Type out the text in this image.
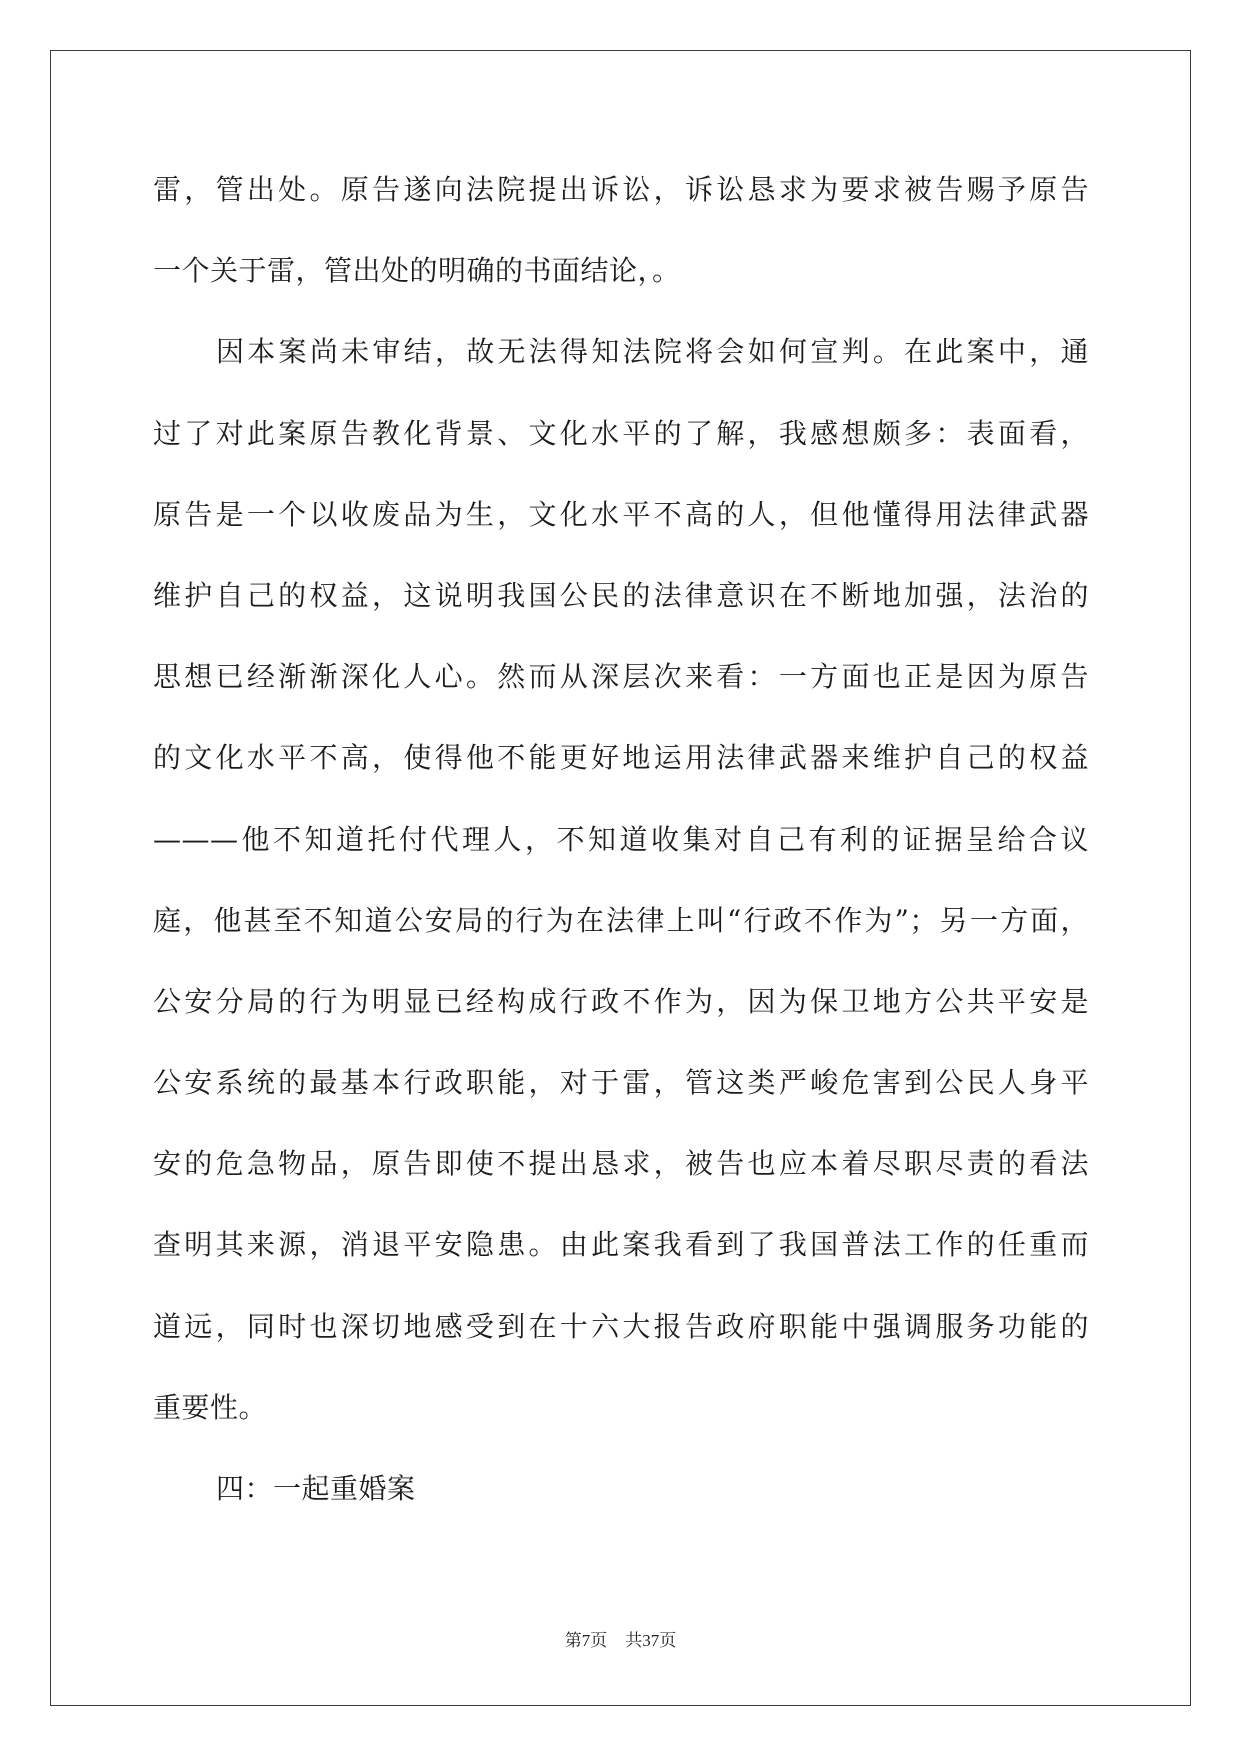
雷，管出处。原告遂向法院提出诉讼，诉讼恳求为要求被告赐予原告
一个关于雷，管出处的明确的书面结论，。
因本案尚未审结，故无法得知法院将会如何宣判。在此案中，通
过了对此案原告教化背景、文化水平的了解，我感想颇多：表面看，
原告是一个以收废品为生，文化水平不高的人，但他懂得用法律武器
维护自己的权益，这说明我国公民的法律意识在不断地加强，法治的
思想已经渐渐深化人心。然而从深层次来看：一方面也正是因为原告
的文化水平不高，使得他不能更好地运用法律武器来维护自己的权益
———他不知道托付代理人，不知道收集对自己有利的证据呈给合议
庭，他甚至不知道公安局的行为在法律上叫“行政不作为”；另一方面，
公安分局的行为明显已经构成行政不作为，因为保卫地方公共平安是
公安系统的最基本行政职能，对于雷，管这类严峻危害到公民人身平
安的危急物品，原告即使不提出恳求，被告也应本着尽职尽责的看法
查明其来源，消退平安隐患。由此案我看到了我国普法工作的任重而
道远，同时也深切地感受到在十六大报告政府职能中强调服务功能的
重要性。
四：一起重婚案
第7页 共37页
